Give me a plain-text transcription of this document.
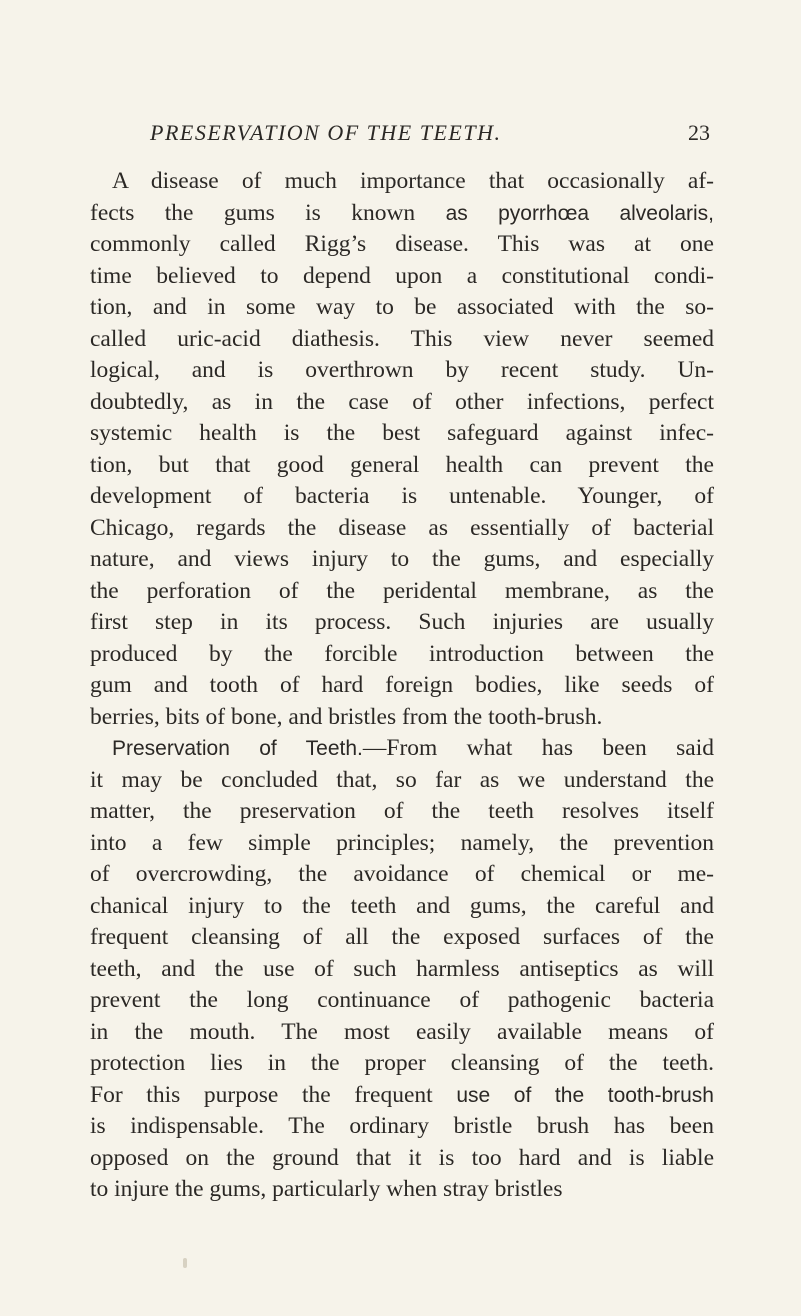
PRESERVATION OF THE TEETH.	23
A disease of much importance that occasionally af-
fects the gums is known as pyorrhœa alveolaris,
commonly called Rigg’s disease. This was at one
time believed to depend upon a constitutional condi-
tion, and in some way to be associated with the so-
called uric-acid diathesis. This view never seemed
logical, and is overthrown by recent study. Un-
doubtedly, as in the case of other infections, perfect
systemic health is the best safeguard against infec-
tion, but that good general health can prevent the
development of bacteria is untenable. Younger, of
Chicago, regards the disease as essentially of bacterial
nature, and views injury to the gums, and especially
the perforation of the peridental membrane, as the
first step in its process. Such injuries are usually
produced by the forcible introduction between the
gum and tooth of hard foreign bodies, like seeds of
berries, bits of bone, and bristles from the tooth-brush.
Preservation of Teeth.—From what has been said
it may be concluded that, so far as we understand the
matter, the preservation of the teeth resolves itself
into a few simple principles; namely, the prevention
of overcrowding, the avoidance of chemical or me-
chanical injury to the teeth and gums, the careful and
frequent cleansing of all the exposed surfaces of the
teeth, and the use of such harmless antiseptics as will
prevent the long continuance of pathogenic bacteria
in the mouth. The most easily available means of
protection lies in the proper cleansing of the teeth.
For this purpose the frequent use of the tooth-brush
is indispensable. The ordinary bristle brush has been
opposed on the ground that it is too hard and is liable
to injure the gums, particularly when stray bristles
